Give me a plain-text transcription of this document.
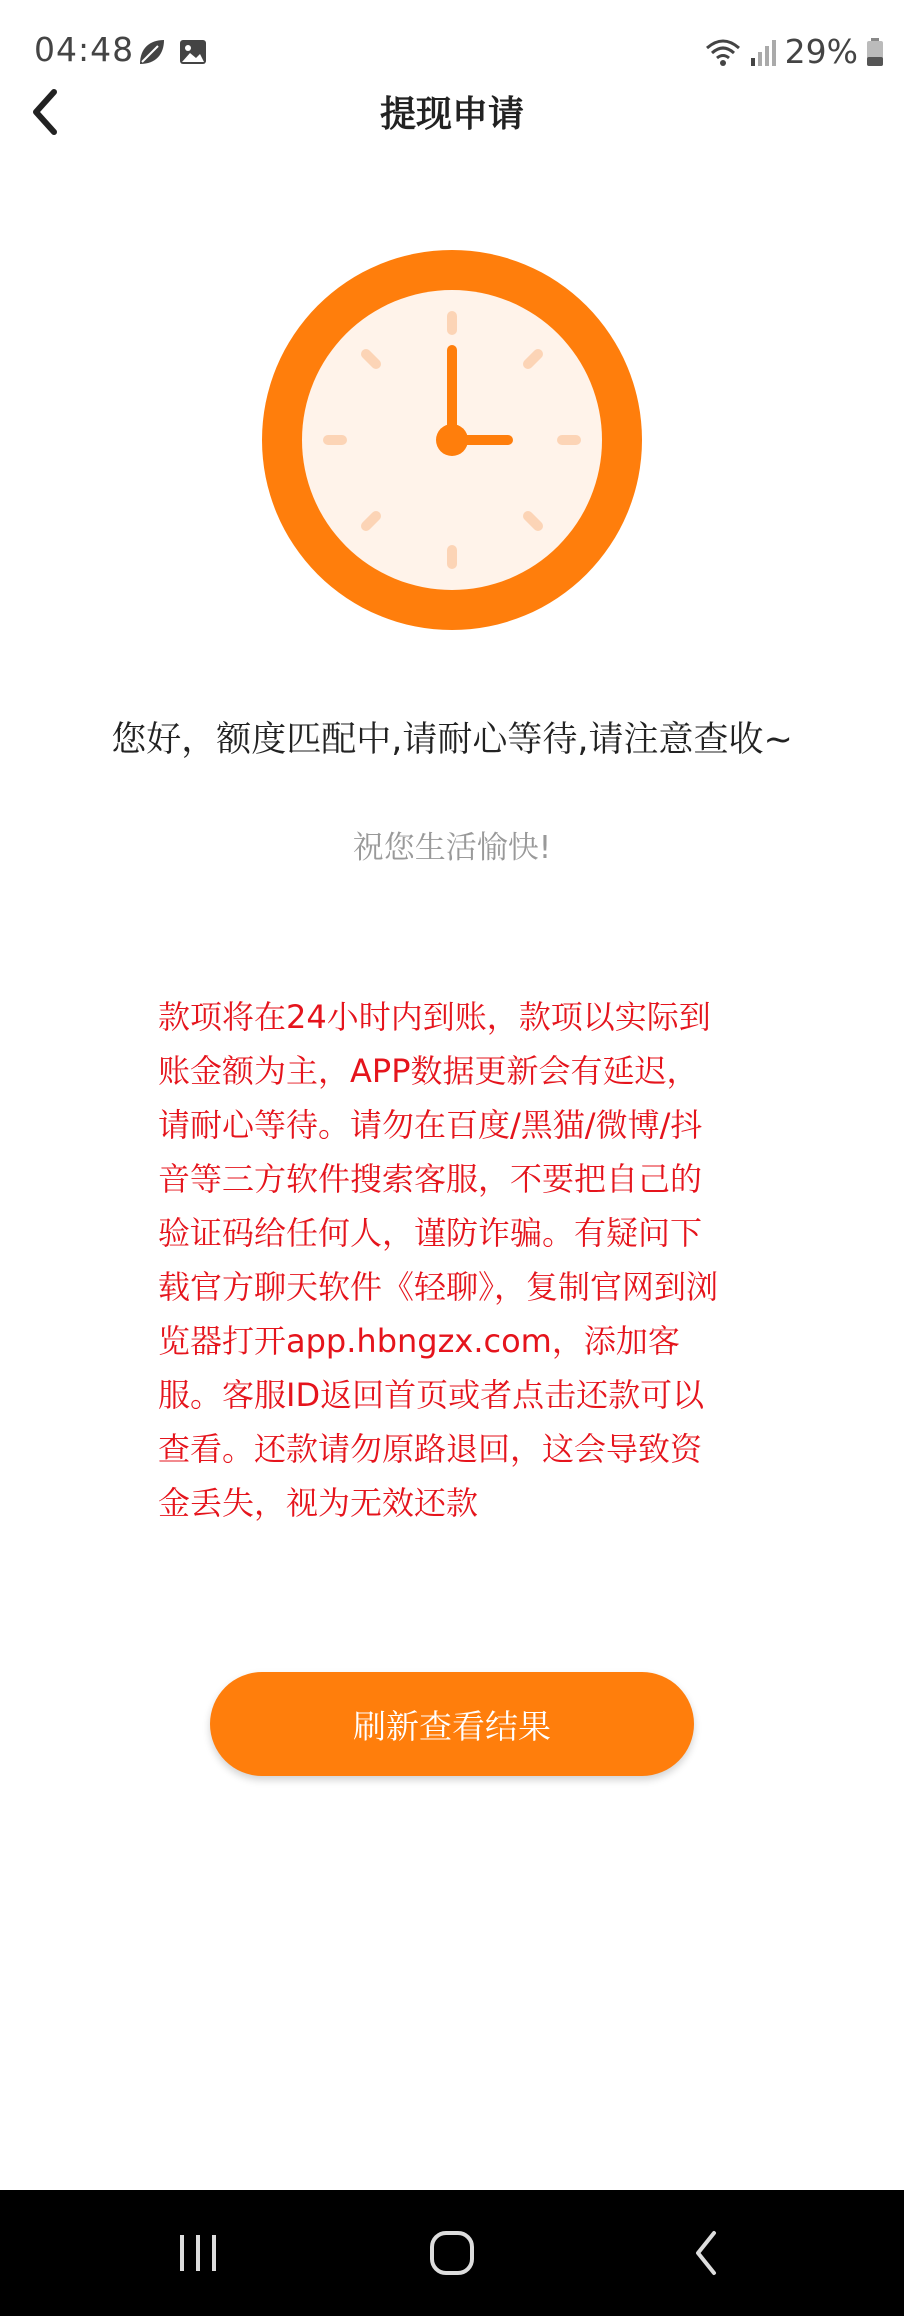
04:48	29%
提现申请
您好，额度匹配中,请耐心等待,请注意查收~
祝您生活愉快!
款项将在24小时内到账，款项以实际到账金额为主，APP数据更新会有延迟，请耐心等待。请勿在百度/黑猫/微博/抖音等三方软件搜索客服，不要把自己的验证码给任何人，谨防诈骗。有疑问下载官方聊天软件《轻聊》，复制官网到浏览器打开app.hbngzx.com，添加客服。客服ID返回首页或者点击还款可以查看。还款请勿原路退回，这会导致资金丢失，视为无效还款
刷新查看结果
